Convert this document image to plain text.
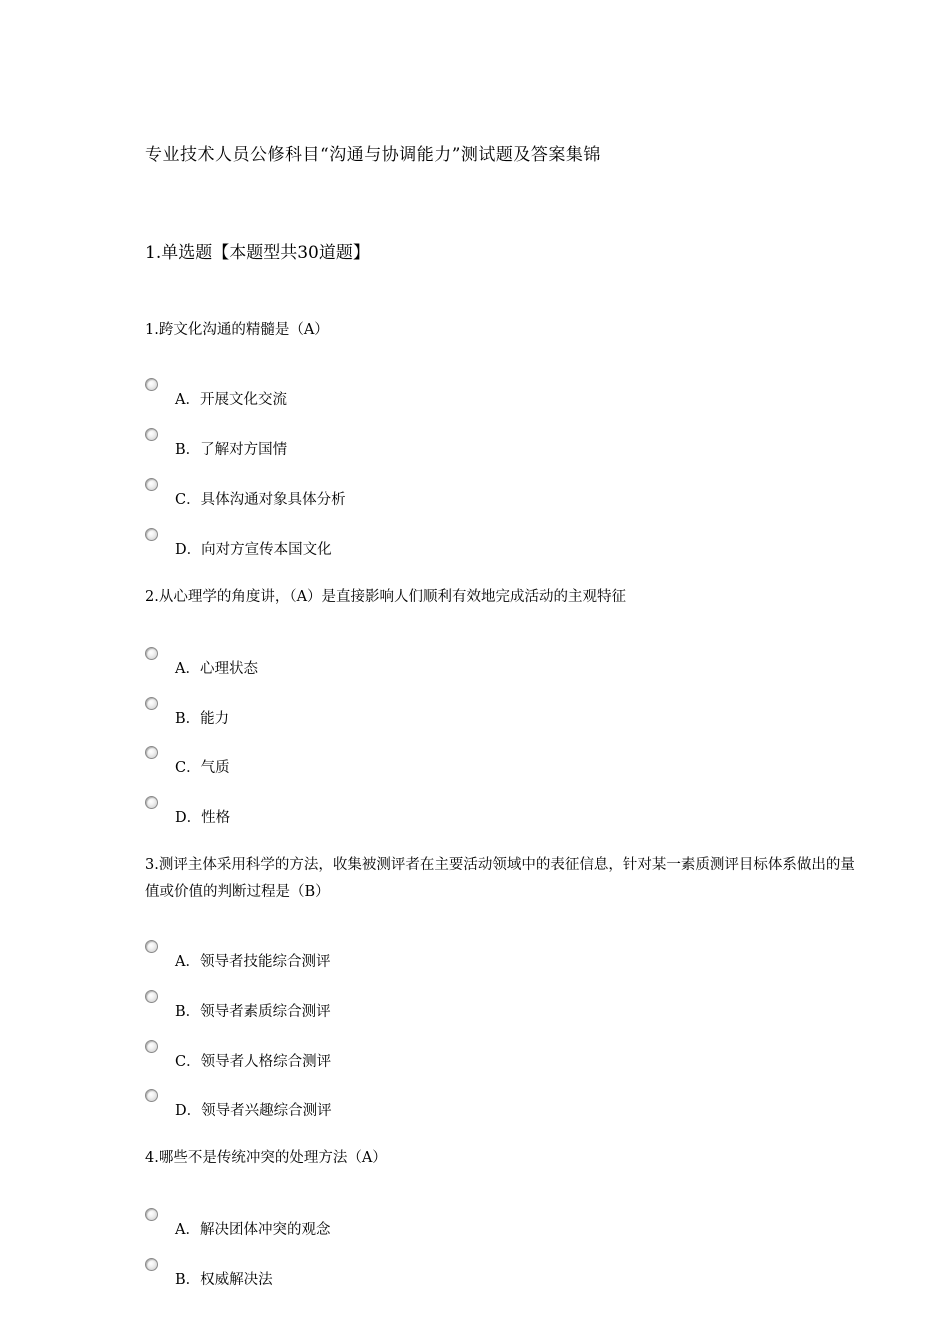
专业技术人员公修科目“沟通与协调能力”测试题及答案集锦
1.单选题【本题型共30道题】
1.跨文化沟通的精髓是（A）
A．开展文化交流
B．了解对方国情
C．具体沟通对象具体分析
D．向对方宣传本国文化
2.从心理学的角度讲，（A）是直接影响人们顺利有效地完成活动的主观特征
A．心理状态
B．能力
C．气质
D．性格
3.测评主体采用科学的方法，收集被测评者在主要活动领域中的表征信息，针对某一素质测评目标体系做出的量值或价值的判断过程是（B）
A．领导者技能综合测评
B．领导者素质综合测评
C．领导者人格综合测评
D．领导者兴趣综合测评
4.哪些不是传统冲突的处理方法（A）
A．解决团体冲突的观念
B．权威解决法
